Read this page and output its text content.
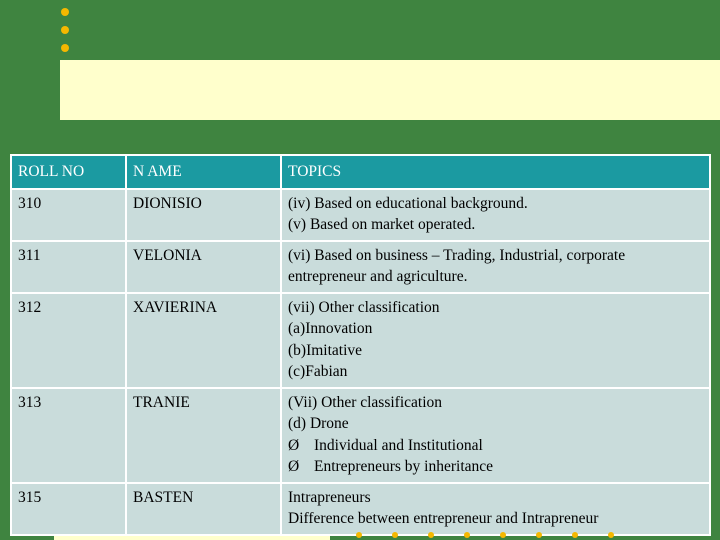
ROLL NO	N AME	TOPICS
310	DIONISIO	(iv) Based on educational background.
(v) Based on market operated.

311	VELONIA	(vi) Based on business – Trading, Industrial, corporate
entrepreneur and agriculture.

312	XAVIERINA	(vii) Other classification
(a)Innovation
(b)Imitative
(c)Fabian

313	TRANIE	(Vii) Other classification
(d) Drone
Ø Individual and Institutional
Ø Entrepreneurs by inheritance

315	BASTEN	Intrapreneurs
Difference between entrepreneur and Intrapreneur
